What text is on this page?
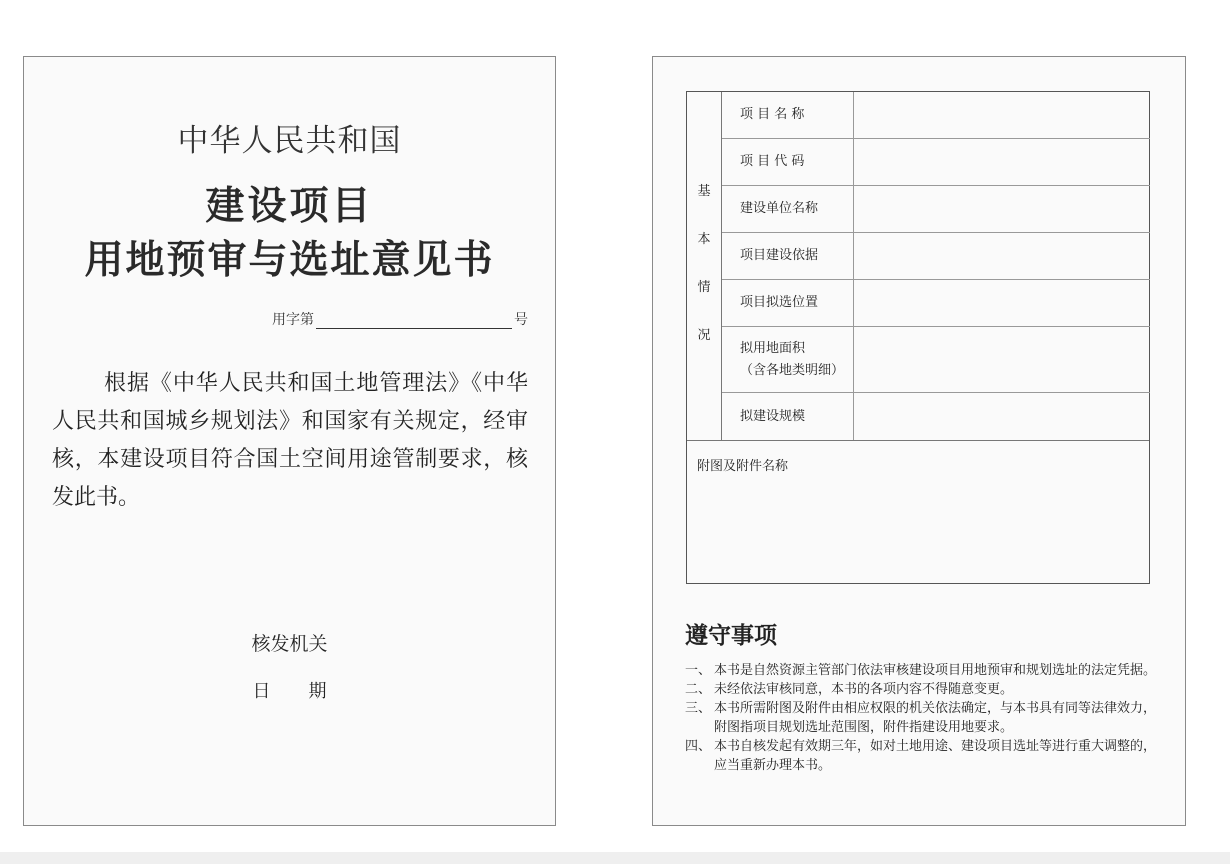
中华人民共和国
建设项目
用地预审与选址意见书
用字第	号
根据《中华人民共和国土地管理法》《中华人民共和国城乡规划法》和国家有关规定，经审核，本建设项目符合国土空间用途管制要求，核发此书。
核发机关
日 期
基
本
情
况
项 目 名 称
项 目 代 码
建设单位名称
项目建设依据
项目拟选位置
拟用地面积
（含各地类明细）
拟建设规模
附图及附件名称
遵守事项
一、 本书是自然资源主管部门依法审核建设项目用地预审和规划选址的法定凭据。
二、 未经依法审核同意，本书的各项内容不得随意变更。
三、 本书所需附图及附件由相应权限的机关依法确定，与本书具有同等法律效力，附图指项目规划选址范围图，附件指建设用地要求。
四、 本书自核发起有效期三年，如对土地用途、建设项目选址等进行重大调整的，应当重新办理本书。
